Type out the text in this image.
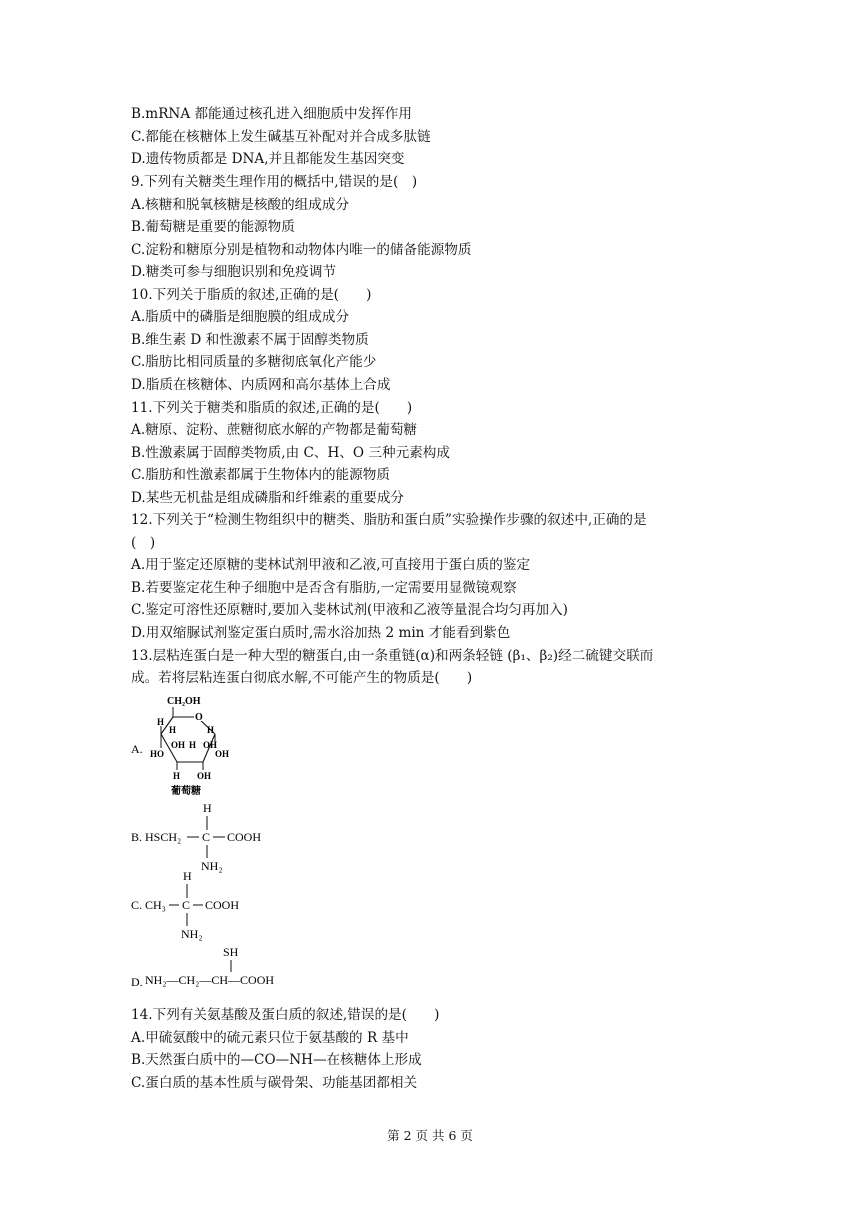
B.mRNA 都能通过核孔进入细胞质中发挥作用
C.都能在核糖体上发生碱基互补配对并合成多肽链
D.遗传物质都是 DNA,并且都能发生基因突变
9.下列有关糖类生理作用的概括中,错误的是(　)
A.核糖和脱氧核糖是核酸的组成成分
B.葡萄糖是重要的能源物质
C.淀粉和糖原分别是植物和动物体内唯一的储备能源物质
D.糖类可参与细胞识别和免疫调节
10.下列关于脂质的叙述,正确的是(　　)
A.脂质中的磷脂是细胞膜的组成成分
B.维生素 D 和性激素不属于固醇类物质
C.脂肪比相同质量的多糖彻底氧化产能少
D.脂质在核糖体、内质网和高尔基体上合成
11.下列关于糖类和脂质的叙述,正确的是(　　)
A.糖原、淀粉、蔗糖彻底水解的产物都是葡萄糖
B.性激素属于固醇类物质,由 C、H、O 三种元素构成
C.脂肪和性激素都属于生物体内的能源物质
D.某些无机盐是组成磷脂和纤维素的重要成分
12.下列关于“检测生物组织中的糖类、脂肪和蛋白质”实验操作步骤的叙述中,正确的是
(　)
A.用于鉴定还原糖的斐林试剂甲液和乙液,可直接用于蛋白质的鉴定
B.若要鉴定花生种子细胞中是否含有脂肪,一定需要用显微镜观察
C.鉴定可溶性还原糖时,要加入斐林试剂(甲液和乙液等量混合均匀再加入)
D.用双缩脲试剂鉴定蛋白质时,需水浴加热 2 min 才能看到紫色
13.层粘连蛋白是一种大型的糖蛋白,由一条重链(α)和两条轻链 (β₁、β₂)经二硫键交联而
成。若将层粘连蛋白彻底水解,不可能产生的物质是(　　)
A.
CH₂OH
O
H
HO
H
OH H
H
OH
OH
H OH
葡萄糖
H
B. HSCH₂ C COOH
NH₂
H
C. CH₃ C COOH
NH₂
SH
D. NH₂—CH₂—CH—COOH
14.下列有关氨基酸及蛋白质的叙述,错误的是(　　)
A.甲硫氨酸中的硫元素只位于氨基酸的 R 基中
B.天然蛋白质中的—CO—NH—在核糖体上形成
C.蛋白质的基本性质与碳骨架、功能基团都相关
第 2 页 共 6 页
